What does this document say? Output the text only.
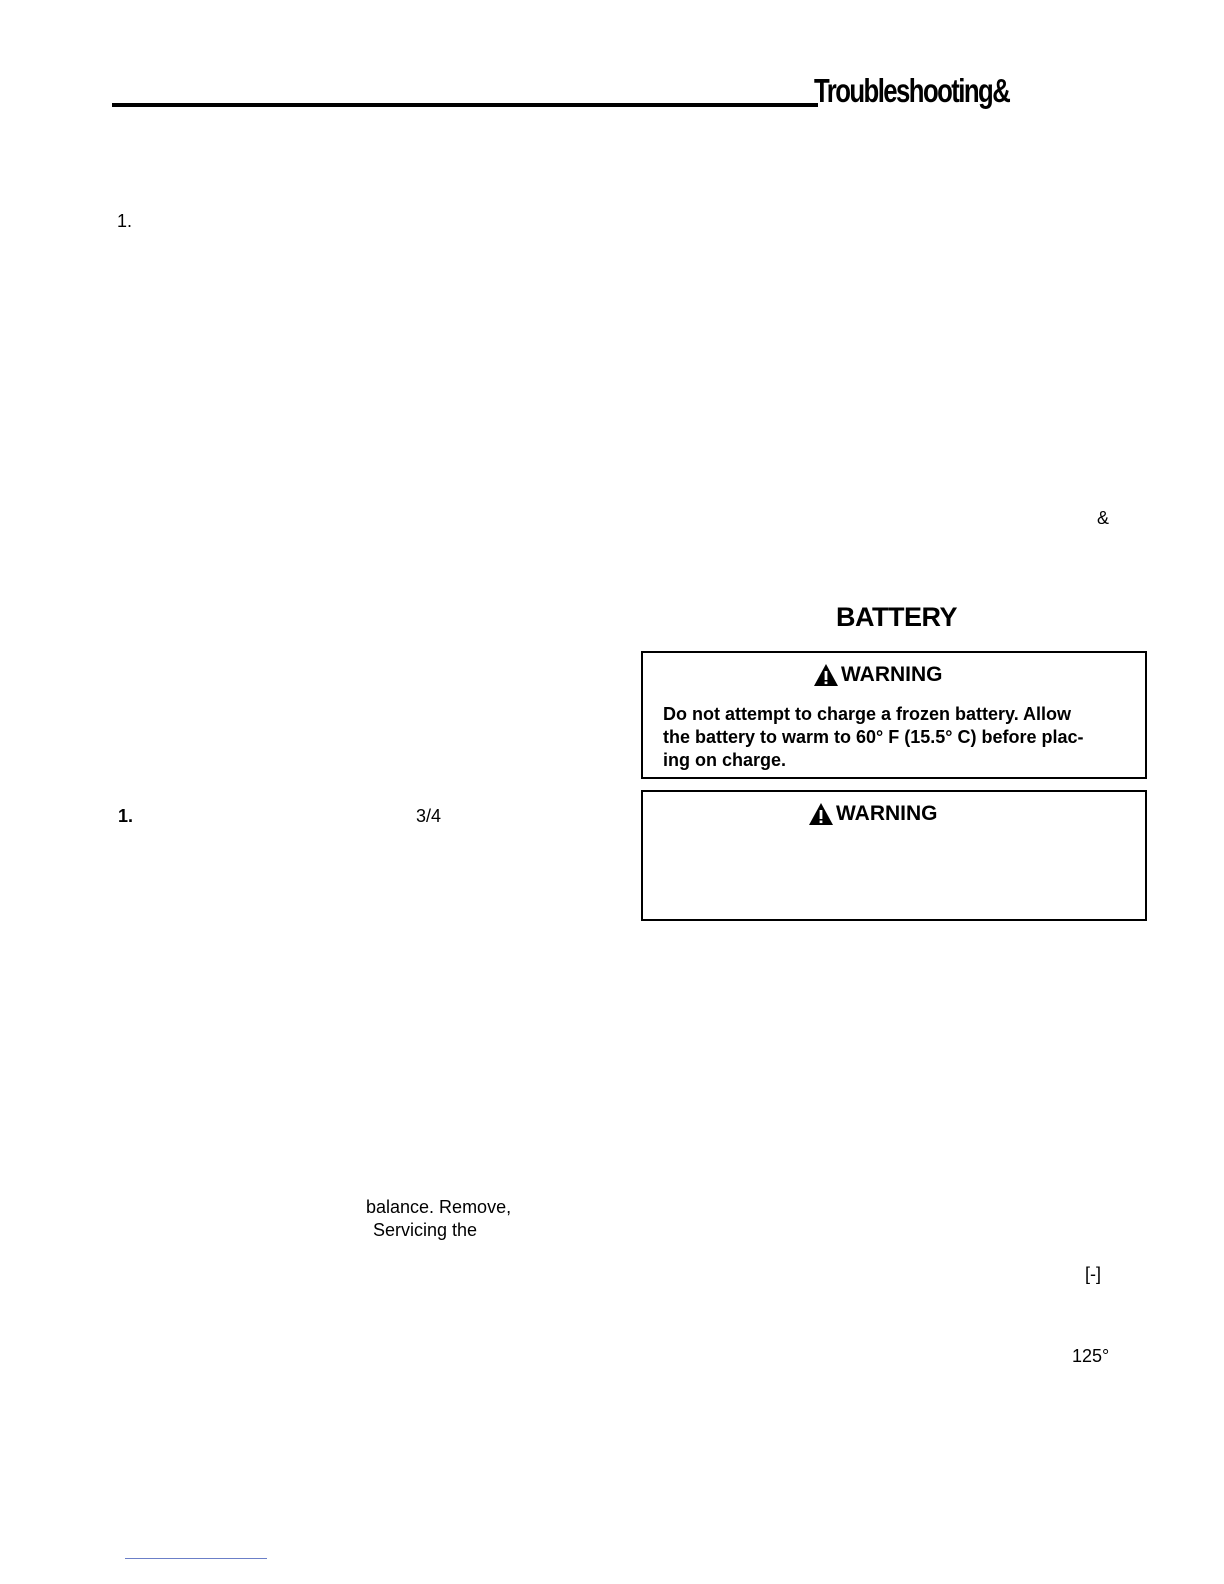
Troubleshooting&
1.
1.	3/4
balance. Remove,
Servicing the
&
BATTERY
WARNING
Do not attempt to charge a frozen battery. Allow
the battery to warm to 60° F (15.5° C) before plac-
ing on charge.
WARNING
[-]
125°
